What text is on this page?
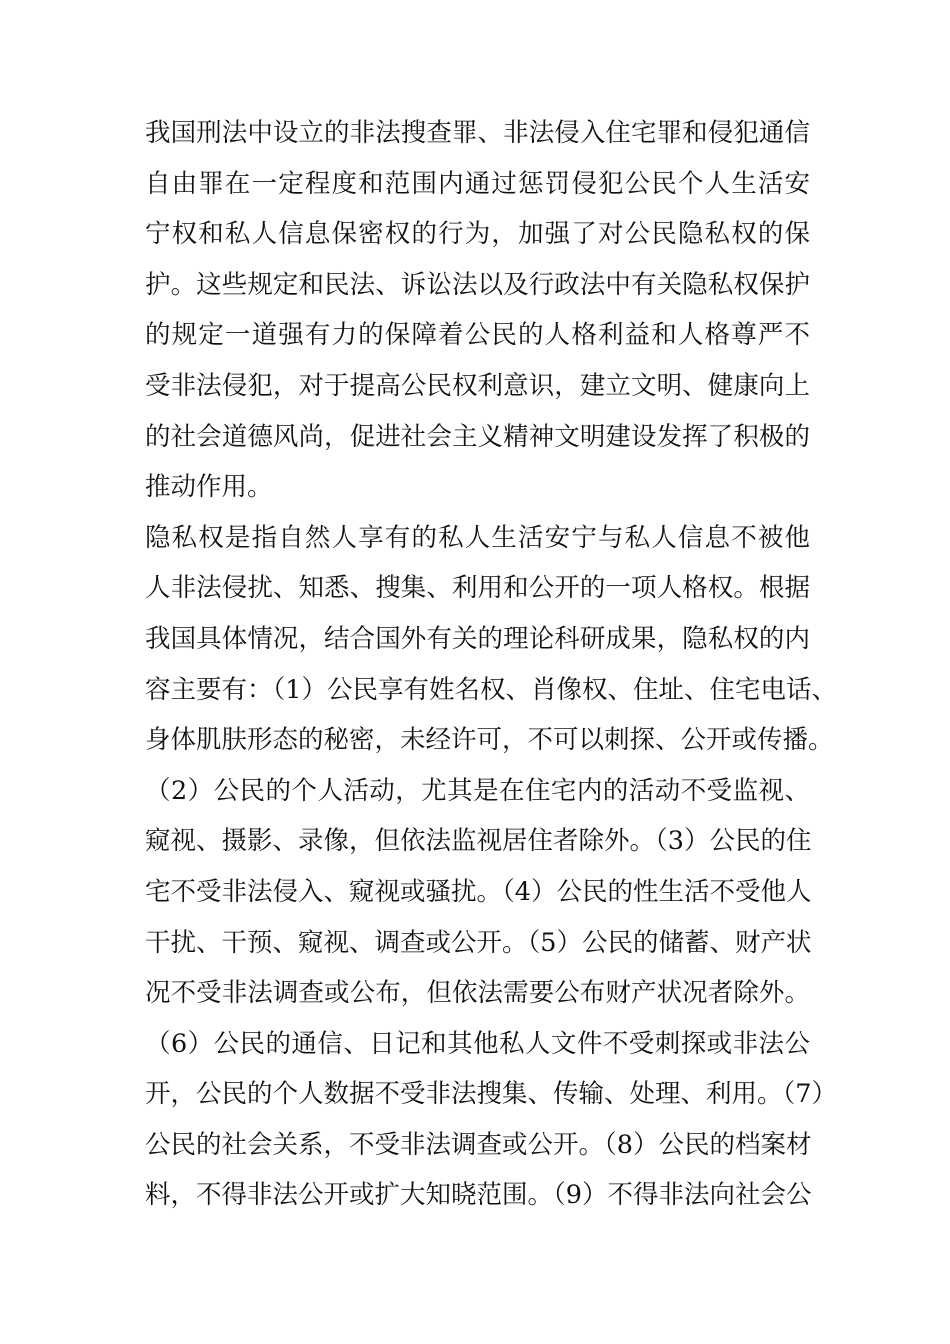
我国刑法中设立的非法搜查罪、非法侵入住宅罪和侵犯通信
自由罪在一定程度和范围内通过惩罚侵犯公民个人生活安
宁权和私人信息保密权的行为，加强了对公民隐私权的保
护。这些规定和民法、诉讼法以及行政法中有关隐私权保护
的规定一道强有力的保障着公民的人格利益和人格尊严不
受非法侵犯，对于提高公民权利意识，建立文明、健康向上
的社会道德风尚，促进社会主义精神文明建设发挥了积极的
推动作用。
隐私权是指自然人享有的私人生活安宁与私人信息不被他
人非法侵扰、知悉、搜集、利用和公开的一项人格权。根据
我国具体情况，结合国外有关的理论科研成果，隐私权的内
容主要有：（1）公民享有姓名权、肖像权、住址、住宅电话、
身体肌肤形态的秘密，未经许可，不可以刺探、公开或传播。
（2）公民的个人活动，尤其是在住宅内的活动不受监视、
窥视、摄影、录像，但依法监视居住者除外。（3）公民的住
宅不受非法侵入、窥视或骚扰。（4）公民的性生活不受他人
干扰、干预、窥视、调查或公开。（5）公民的储蓄、财产状
况不受非法调查或公布，但依法需要公布财产状况者除外。
（6）公民的通信、日记和其他私人文件不受刺探或非法公
开，公民的个人数据不受非法搜集、传输、处理、利用。（7）
公民的社会关系，不受非法调查或公开。（8）公民的档案材
料，不得非法公开或扩大知晓范围。（9）不得非法向社会公
